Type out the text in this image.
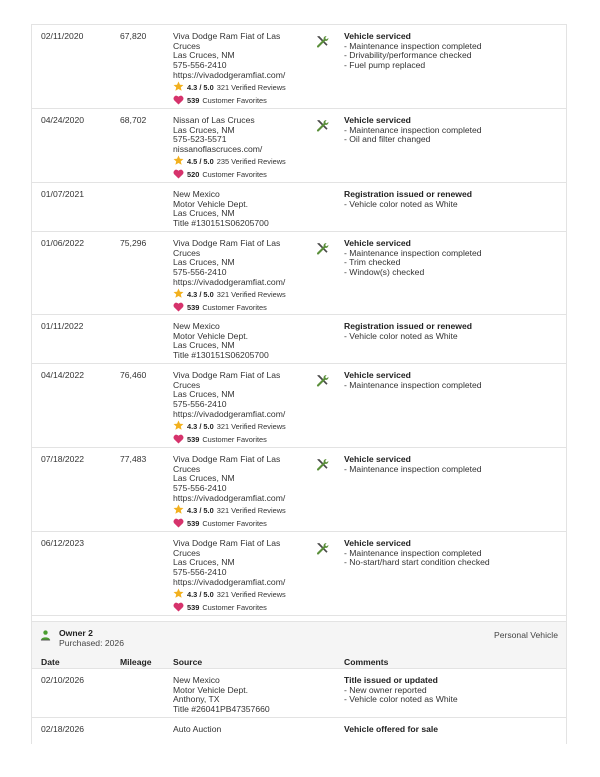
02/11/2020	67,820	Viva Dodge Ram Fiat of Las
Cruces
Las Cruces, NM
575-556-2410
https://vivadodgeramfiat.com/
4.3 / 5.0 321 Verified Reviews
539 Customer Favorites
Vehicle serviced
- Maintenance inspection completed
- Drivability/performance checked
- Fuel pump replaced
04/24/2020	68,702	Nissan of Las Cruces
Las Cruces, NM
575-523-5571
nissanoflascruces.com/
4.5 / 5.0 235 Verified Reviews
520 Customer Favorites
Vehicle serviced
- Maintenance inspection completed
- Oil and filter changed
01/07/2021	New Mexico
Motor Vehicle Dept.
Las Cruces, NM
Title #130151S06205700
Registration issued or renewed
- Vehicle color noted as White
01/06/2022	75,296	Viva Dodge Ram Fiat of Las
Cruces
Las Cruces, NM
575-556-2410
https://vivadodgeramfiat.com/
4.3 / 5.0 321 Verified Reviews
539 Customer Favorites
Vehicle serviced
- Maintenance inspection completed
- Trim checked
- Window(s) checked
01/11/2022	New Mexico
Motor Vehicle Dept.
Las Cruces, NM
Title #130151S06205700
Registration issued or renewed
- Vehicle color noted as White
04/14/2022	76,460	Viva Dodge Ram Fiat of Las
Cruces
Las Cruces, NM
575-556-2410
https://vivadodgeramfiat.com/
4.3 / 5.0 321 Verified Reviews
539 Customer Favorites
Vehicle serviced
- Maintenance inspection completed
07/18/2022	77,483	Viva Dodge Ram Fiat of Las
Cruces
Las Cruces, NM
575-556-2410
https://vivadodgeramfiat.com/
4.3 / 5.0 321 Verified Reviews
539 Customer Favorites
Vehicle serviced
- Maintenance inspection completed
06/12/2023	Viva Dodge Ram Fiat of Las
Cruces
Las Cruces, NM
575-556-2410
https://vivadodgeramfiat.com/
4.3 / 5.0 321 Verified Reviews
539 Customer Favorites
Vehicle serviced
- Maintenance inspection completed
- No-start/hard start condition checked
Owner 2
Purchased: 2026
Personal Vehicle
Date	Mileage Source	Comments
02/10/2026	New Mexico
Motor Vehicle Dept.
Anthony, TX
Title #26041PB47357660
Title issued or updated
- New owner reported
- Vehicle color noted as White
02/18/2026	Auto Auction	Vehicle offered for sale
